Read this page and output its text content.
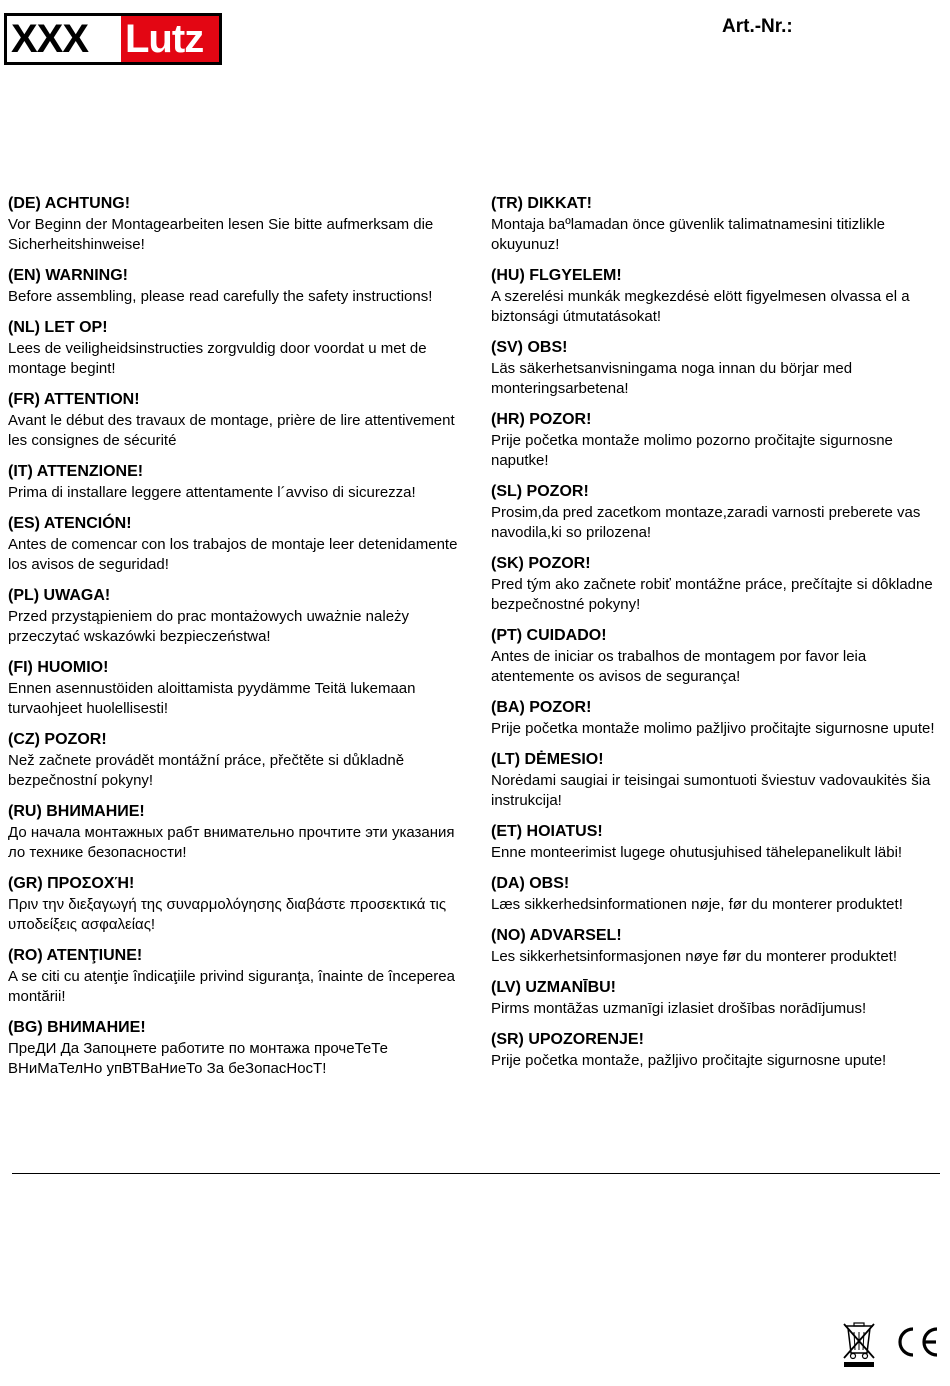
XXX Lutz	Art.-Nr.:
(DE) ACHTUNG!
Vor Beginn der Montagearbeiten lesen Sie bitte aufmerksam die Sicherheitshinweise!
(EN) WARNING!
Before assembling, please read carefully the safety instructions!
(NL) LET OP!
Lees de veiligheidsinstructies zorgvuldig door voordat u met de montage begint!
(FR) ATTENTION!
Avant le début des travaux de montage, prière de lire attentivement les consignes de sécurité
(IT) ATTENZIONE!
Prima di installare leggere attentamente l´avviso di sicurezza!
(ES) ATENCIÓN!
Antes de comencar con los trabajos de montaje leer detenidamente los avisos de seguridad!
(PL) UWAGA!
Przed przystąpieniem do prac montażowych uważnie należy przeczytać wskazówki bezpieczeństwa!
(FI) HUOMIO!
Ennen asennustöiden aloittamista pyydämme Teitä lukemaan turvaohjeet huolellisesti!
(CZ) POZOR!
Než začnete provádět montážní práce, přečtěte si důkladně bezpečnostní pokyny!
(RU) ВНИМАНИЕ!
До начала монтажных рабт внимательно прочтите эти указания ло технике безопасности!
(GR) ΠΡΟΣΟΧΉ!
Πριν την διεξαγωγή της συναρμολόγησης διαβάστε προσεκτικά τις υποδείξεις ασφαλείας!
(RO) ATENŢIUNE!
A se citi cu atenţie îndicaţiile privind siguranţa, înainte de începerea montării!
(BG) ВНИМАНИЕ!
ПреДИ Да Запоцнете работите по монтажа прочеТеТе ВНиМаТелНо упВТВаНиеТо За беЗопасНосТ!
(TR) DIKKAT!
Montaja baºlamadan önce güvenlik talimatnamesini titizlikle okuyunuz!
(HU) FLGYELEM!
A szerelési munkák megkezdésė elött figyelmesen olvassa el a biztonsági útmutatásokat!
(SV) OBS!
Läs säkerhetsanvisningama noga innan du börjar med monteringsarbetena!
(HR) POZOR!
Prije početka montaže molimo pozorno pročitajte sigurnosne naputke!
(SL) POZOR!
Prosim,da pred zacetkom montaze,zaradi varnosti preberete vas navodila,ki so prilozena!
(SK) POZOR!
Pred tým ako začnete robiť montážne práce, prečítajte si dôkladne bezpečnostné pokyny!
(PT) CUIDADO!
Antes de iniciar os trabalhos de montagem por favor leia atentemente os avisos de segurança!
(BA) POZOR!
Prije početka montaže molimo pažljivo pročitajte sigurnosne upute!
(LT) DĖMESIO!
Norėdami saugiai ir teisingai sumontuoti šviestuv vadovaukitės šia instrukcija!
(ET) HOIATUS!
Enne monteerimist lugege ohutusjuhised tähelepanelikult läbi!
(DA) OBS!
Læs sikkerhedsinformationen nøje, før du monterer produktet!
(NO) ADVARSEL!
Les sikkerhetsinformasjonen nøye før du monterer produktet!
(LV) UZMANĪBU!
Pirms montāžas uzmanīgi izlasiet drošības norādījumus!
(SR) UPOZORENJE!
Prije početka montaže, pažljivo pročitajte sigurnosne upute!
